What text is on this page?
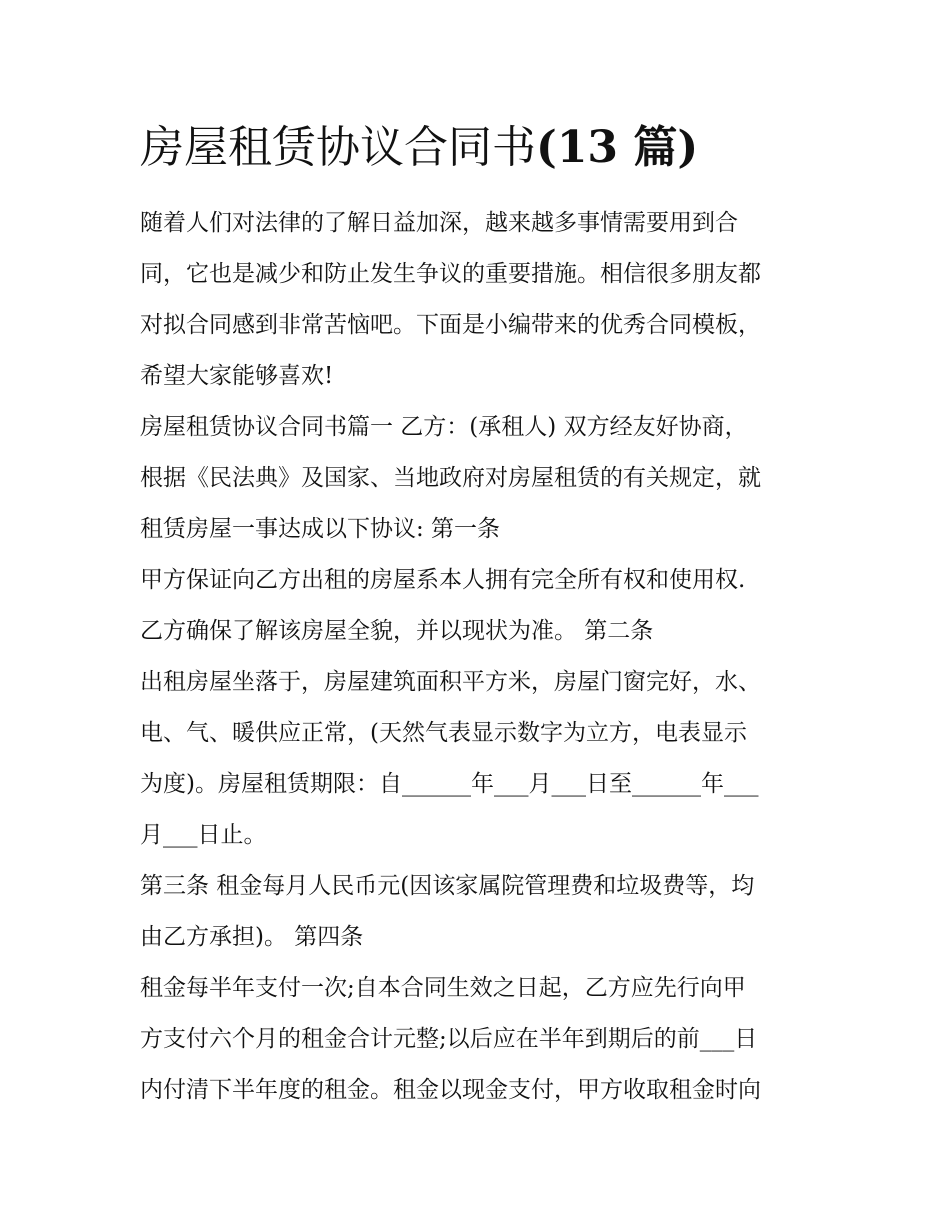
房屋租赁协议合同书(13 篇)
随着人们对法律的了解日益加深，越来越多事情需要用到合
同，它也是减少和防止发生争议的重要措施。相信很多朋友都
对拟合同感到非常苦恼吧。下面是小编带来的优秀合同模板，
希望大家能够喜欢!
房屋租赁协议合同书篇一 乙方：(承租人) 双方经友好协商，
根据《民法典》及国家、当地政府对房屋租赁的有关规定，就
租赁房屋一事达成以下协议: 第一条
甲方保证向乙方出租的房屋系本人拥有完全所有权和使用权.
乙方确保了解该房屋全貌，并以现状为准。 第二条
出租房屋坐落于，房屋建筑面积平方米，房屋门窗完好，水、
电、气、暖供应正常，(天然气表显示数字为立方，电表显示
为度)。房屋租赁期限：自______年___月___日至______年___
月___日止。
第三条 租金每月人民币元(因该家属院管理费和垃圾费等，均
由乙方承担)。 第四条
租金每半年支付一次;自本合同生效之日起，乙方应先行向甲
方支付六个月的租金合计元整;以后应在半年到期后的前___日
内付清下半年度的租金。租金以现金支付，甲方收取租金时向
